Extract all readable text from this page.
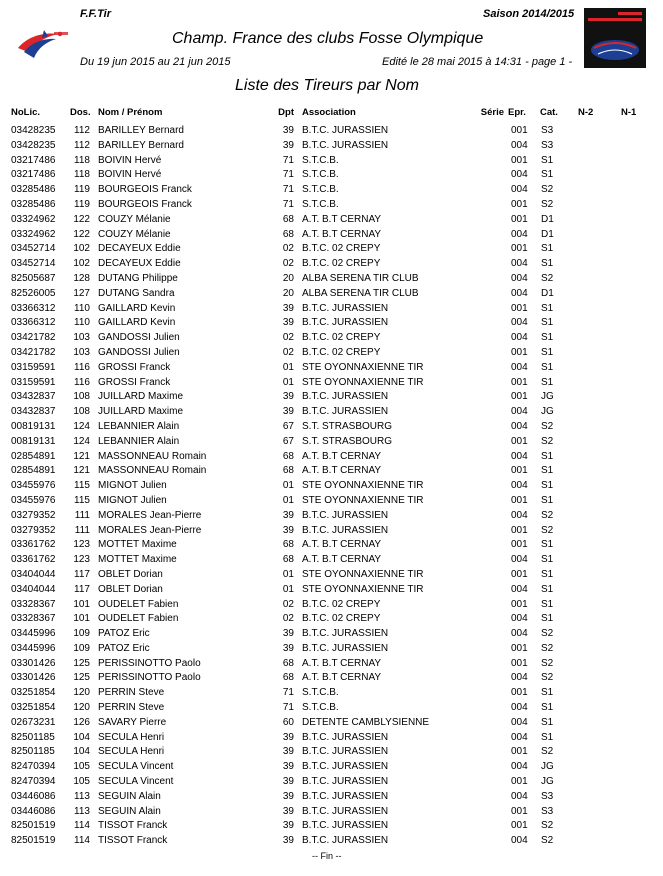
F.F.Tir	Saison 2014/2015
Champ. France des clubs Fosse Olympique
Du 19 jun 2015 au 21 jun 2015	Edité le 28 mai 2015 à 14:31 - page 1 -
Liste des Tireurs par Nom
NoLic.	Dos. Nom / Prénom	Dpt Association	Série Epr. Cat. N-2	N-1
03428235	112 BARILLEY Bernard	39 B.T.C. JURASSIEN	001 S3
03428235	112 BARILLEY Bernard	39 B.T.C. JURASSIEN	004 S3
03217486	118 BOIVIN Hervé	71 S.T.C.B.	001 S1
03217486	118 BOIVIN Hervé	71 S.T.C.B.	004 S1
03285486	119 BOURGEOIS Franck	71 S.T.C.B.	004 S2
03285486	119 BOURGEOIS Franck	71 S.T.C.B.	001 S2
03324962	122 COUZY Mélanie	68 A.T. B.T CERNAY	001 D1
03324962	122 COUZY Mélanie	68 A.T. B.T CERNAY	004 D1
03452714	102 DECAYEUX Eddie	02 B.T.C. 02 CREPY	001 S1
03452714	102 DECAYEUX Eddie	02 B.T.C. 02 CREPY	004 S1
82505687	128 DUTANG Philippe	20 ALBA SERENA TIR CLUB	004 S2
82526005	127 DUTANG Sandra	20 ALBA SERENA TIR CLUB	004 D1
03366312	110 GAILLARD Kevin	39 B.T.C. JURASSIEN	001 S1
03366312	110 GAILLARD Kevin	39 B.T.C. JURASSIEN	004 S1
03421782	103 GANDOSSI Julien	02 B.T.C. 02 CREPY	004 S1
03421782	103 GANDOSSI Julien	02 B.T.C. 02 CREPY	001 S1
03159591	116 GROSSI Franck	01 STE OYONNAXIENNE TIR	004 S1
03159591	116 GROSSI Franck	01 STE OYONNAXIENNE TIR	001 S1
03432837	108 JUILLARD Maxime	39 B.T.C. JURASSIEN	001 JG
03432837	108 JUILLARD Maxime	39 B.T.C. JURASSIEN	004 JG
00819131	124 LEBANNIER Alain	67 S.T. STRASBOURG	004 S2
00819131	124 LEBANNIER Alain	67 S.T. STRASBOURG	001 S2
02854891	121 MASSONNEAU Romain	68 A.T. B.T CERNAY	004 S1
02854891	121 MASSONNEAU Romain	68 A.T. B.T CERNAY	001 S1
03455976	115 MIGNOT Julien	01 STE OYONNAXIENNE TIR	004 S1
03455976	115 MIGNOT Julien	01 STE OYONNAXIENNE TIR	001 S1
03279352	111 MORALES Jean-Pierre	39 B.T.C. JURASSIEN	004 S2
03279352	111 MORALES Jean-Pierre	39 B.T.C. JURASSIEN	001 S2
03361762	123 MOTTET Maxime	68 A.T. B.T CERNAY	001 S1
03361762	123 MOTTET Maxime	68 A.T. B.T CERNAY	004 S1
03404044	117 OBLET Dorian	01 STE OYONNAXIENNE TIR	001 S1
03404044	117 OBLET Dorian	01 STE OYONNAXIENNE TIR	004 S1
03328367	101 OUDELET Fabien	02 B.T.C. 02 CREPY	001 S1
03328367	101 OUDELET Fabien	02 B.T.C. 02 CREPY	004 S1
03445996	109 PATOZ Eric	39 B.T.C. JURASSIEN	004 S2
03445996	109 PATOZ Eric	39 B.T.C. JURASSIEN	001 S2
03301426	125 PERISSINOTTO Paolo	68 A.T. B.T CERNAY	001 S2
03301426	125 PERISSINOTTO Paolo	68 A.T. B.T CERNAY	004 S2
03251854	120 PERRIN Steve	71 S.T.C.B.	001 S1
03251854	120 PERRIN Steve	71 S.T.C.B.	004 S1
02673231	126 SAVARY Pierre	60 DETENTE CAMBLYSIENNE	004 S1
82501185	104 SECULA Henri	39 B.T.C. JURASSIEN	004 S1
82501185	104 SECULA Henri	39 B.T.C. JURASSIEN	001 S2
82470394	105 SECULA Vincent	39 B.T.C. JURASSIEN	004 JG
82470394	105 SECULA Vincent	39 B.T.C. JURASSIEN	001 JG
03446086	113 SEGUIN Alain	39 B.T.C. JURASSIEN	004 S3
03446086	113 SEGUIN Alain	39 B.T.C. JURASSIEN	001 S3
82501519	114 TISSOT Franck	39 B.T.C. JURASSIEN	001 S2
82501519	114 TISSOT Franck	39 B.T.C. JURASSIEN	004 S2
-- Fin --
